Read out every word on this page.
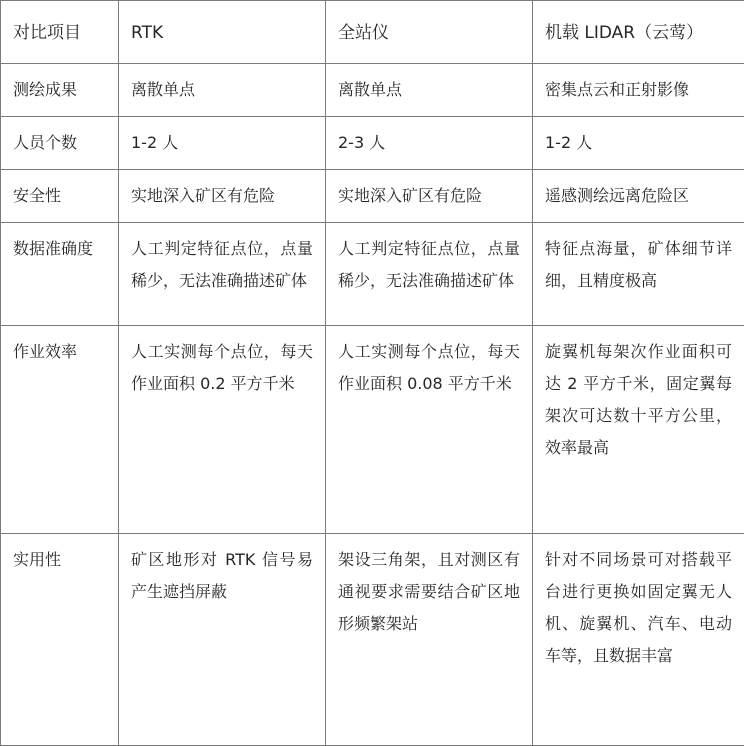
对比项目	RTK	全站仪	机载 LIDAR（云莺）
测绘成果	离散单点	离散单点	密集点云和正射影像
人员个数	1-2 人	2-3 人	1-2 人
安全性	实地深入矿区有危险	实地深入矿区有危险	遥感测绘远离危险区
数据准确度	人工判定特征点位，点量稀少，无法准确描述矿体	人工判定特征点位，点量稀少，无法准确描述矿体	特征点海量，矿体细节详细，且精度极高
作业效率	人工实测每个点位，每天作业面积 0.2 平方千米	人工实测每个点位，每天作业面积 0.08 平方千米	旋翼机每架次作业面积可达 2 平方千米，固定翼每架次可达数十平方公里，效率最高
实用性	矿区地形对 RTK 信号易产生遮挡屏蔽	架设三角架，且对测区有通视要求需要结合矿区地形频繁架站	针对不同场景可对搭载平台进行更换如固定翼无人机、旋翼机、汽车、电动车等，且数据丰富
